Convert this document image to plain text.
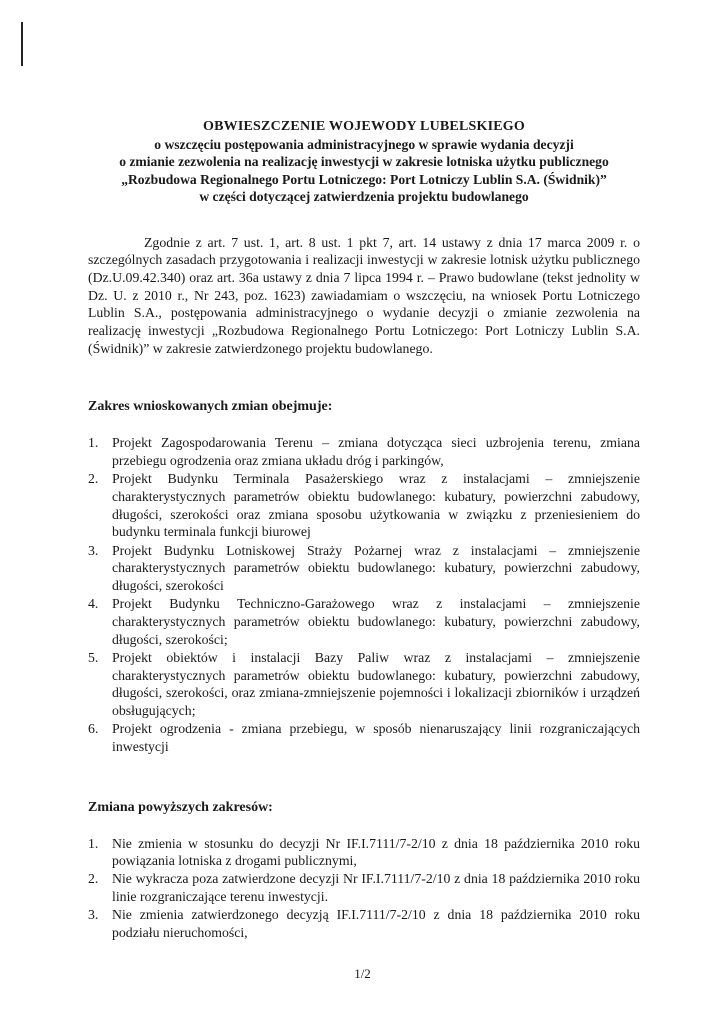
OBWIESZCZENIE WOJEWODY LUBELSKIEGO
o wszczęciu postępowania administracyjnego w sprawie wydania decyzji
o zmianie zezwolenia na realizację inwestycji w zakresie lotniska użytku publicznego
„Rozbudowa Regionalnego Portu Lotniczego: Port Lotniczy Lublin S.A. (Świdnik)”
w części dotyczącej zatwierdzenia projektu budowlanego

Zgodnie z art. 7 ust. 1, art. 8 ust. 1 pkt 7, art. 14 ustawy z dnia 17 marca 2009 r. o szczególnych zasadach przygotowania i realizacji inwestycji w zakresie lotnisk użytku publicznego (Dz.U.09.42.340) oraz art. 36a ustawy z dnia 7 lipca 1994 r. – Prawo budowlane (tekst jednolity w Dz. U. z 2010 r., Nr 243, poz. 1623) zawiadamiam o wszczęciu, na wniosek Portu Lotniczego Lublin S.A., postępowania administracyjnego o wydanie decyzji o zmianie zezwolenia na realizację inwestycji „Rozbudowa Regionalnego Portu Lotniczego: Port Lotniczy Lublin S.A. (Świdnik)” w zakresie zatwierdzonego projektu budowlanego.

Zakres wnioskowanych zmian obejmuje:
1. Projekt Zagospodarowania Terenu – zmiana dotycząca sieci uzbrojenia terenu, zmiana przebiegu ogrodzenia oraz zmiana układu dróg i parkingów,
2. Projekt Budynku Terminala Pasażerskiego wraz z instalacjami – zmniejszenie charakterystycznych parametrów obiektu budowlanego: kubatury, powierzchni zabudowy, długości, szerokości oraz zmiana sposobu użytkowania w związku z przeniesieniem do budynku terminala funkcji biurowej
3. Projekt Budynku Lotniskowej Straży Pożarnej wraz z instalacjami – zmniejszenie charakterystycznych parametrów obiektu budowlanego: kubatury, powierzchni zabudowy, długości, szerokości
4. Projekt Budynku Techniczno-Garażowego wraz z instalacjami – zmniejszenie charakterystycznych parametrów obiektu budowlanego: kubatury, powierzchni zabudowy, długości, szerokości;
5. Projekt obiektów i instalacji Bazy Paliw wraz z instalacjami – zmniejszenie charakterystycznych parametrów obiektu budowlanego: kubatury, powierzchni zabudowy, długości, szerokości, oraz zmiana-zmniejszenie pojemności i lokalizacji zbiorników i urządzeń obsługujących;
6. Projekt ogrodzenia - zmiana przebiegu, w sposób nienaruszający linii rozgraniczających inwestycji
Zmiana powyższych zakresów:
1. Nie zmienia w stosunku do decyzji Nr IF.I.7111/7-2/10 z dnia 18 października 2010 roku powiązania lotniska z drogami publicznymi,
2. Nie wykracza poza zatwierdzone decyzji Nr IF.I.7111/7-2/10 z dnia 18 października 2010 roku linie rozgraniczające terenu inwestycji.
3. Nie zmienia zatwierdzonego decyzją IF.I.7111/7-2/10 z dnia 18 października 2010 roku podziału nieruchomości,
1/2
